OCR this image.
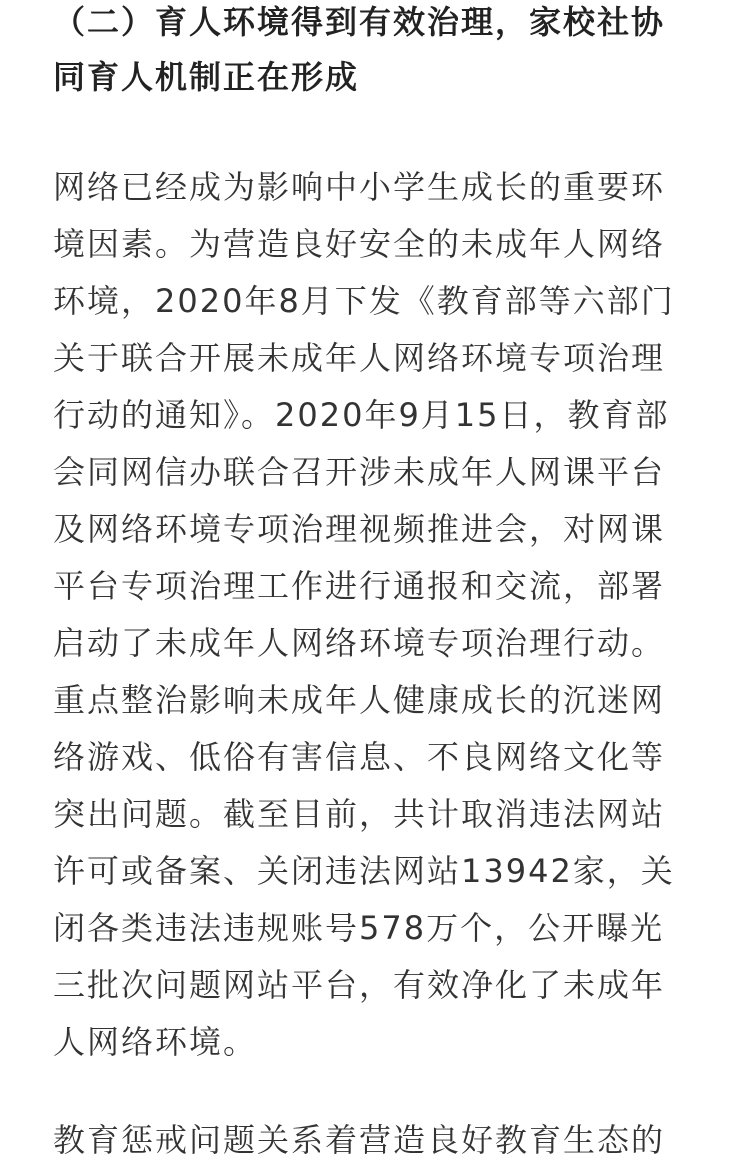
（二）育人环境得到有效治理，家校社协
同育人机制正在形成
网络已经成为影响中小学生成长的重要环
境因素。为营造良好安全的未成年人网络
环境，2020年8月下发《教育部等六部门
关于联合开展未成年人网络环境专项治理
行动的通知》。2020年9月15日，教育部
会同网信办联合召开涉未成年人网课平台
及网络环境专项治理视频推进会，对网课
平台专项治理工作进行通报和交流，部署
启动了未成年人网络环境专项治理行动。
重点整治影响未成年人健康成长的沉迷网
络游戏、低俗有害信息、不良网络文化等
突出问题。截至目前，共计取消违法网站
许可或备案、关闭违法网站13942家，关
闭各类违法违规账号578万个，公开曝光
三批次问题网站平台，有效净化了未成年
人网络环境。
教育惩戒问题关系着营造良好教育生态的
